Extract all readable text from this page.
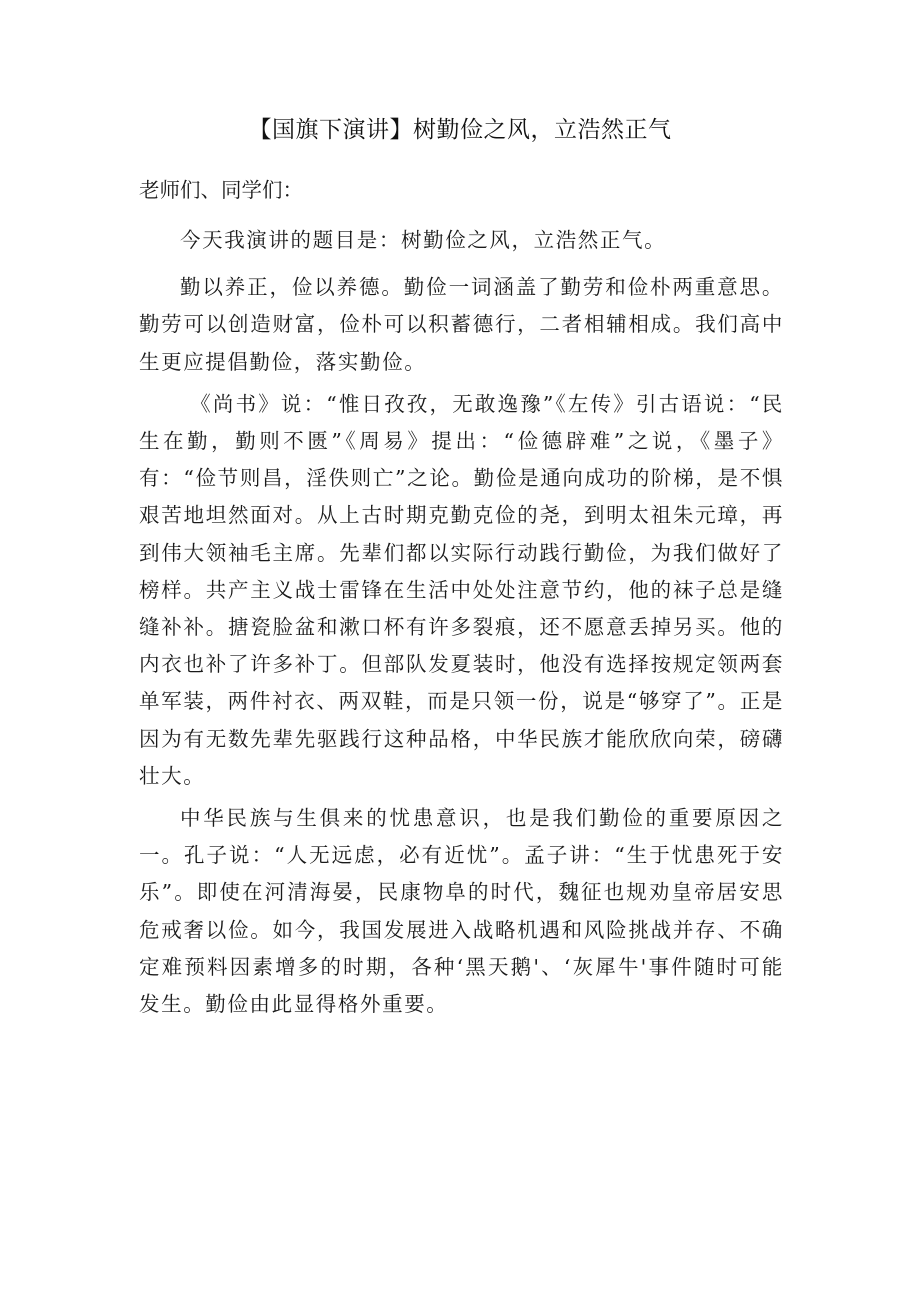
【国旗下演讲】树勤俭之风，立浩然正气

老师们、同学们：

今天我演讲的题目是：树勤俭之风，立浩然正气。

勤以养正，俭以养德。勤俭一词涵盖了勤劳和俭朴两重意思。勤劳可以创造财富，俭朴可以积蓄德行，二者相辅相成。我们高中生更应提倡勤俭，落实勤俭。

《尚书》说：“惟日孜孜，无敢逸豫”《左传》引古语说：“民生在勤，勤则不匮”《周易》提出：“俭德辟难”之说，《墨子》有：“俭节则昌，淫佚则亡”之论。勤俭是通向成功的阶梯，是不惧艰苦地坦然面对。从上古时期克勤克俭的尧，到明太祖朱元璋，再到伟大领袖毛主席。先辈们都以实际行动践行勤俭，为我们做好了榜样。共产主义战士雷锋在生活中处处注意节约，他的袜子总是缝缝补补。搪瓷脸盆和漱口杯有许多裂痕，还不愿意丢掉另买。他的内衣也补了许多补丁。但部队发夏装时，他没有选择按规定领两套单军装，两件衬衣、两双鞋，而是只领一份，说是“够穿了”。正是因为有无数先辈先驱践行这种品格，中华民族才能欣欣向荣，磅礴壮大。

中华民族与生俱来的忧患意识，也是我们勤俭的重要原因之一。孔子说：“人无远虑，必有近忧”。孟子讲：“生于忧患死于安乐”。即使在河清海晏，民康物阜的时代，魏征也规劝皇帝居安思危戒奢以俭。如今，我国发展进入战略机遇和风险挑战并存、不确定难预料因素增多的时期，各种‘黑天鹅'、‘灰犀牛'事件随时可能发生。勤俭由此显得格外重要。
